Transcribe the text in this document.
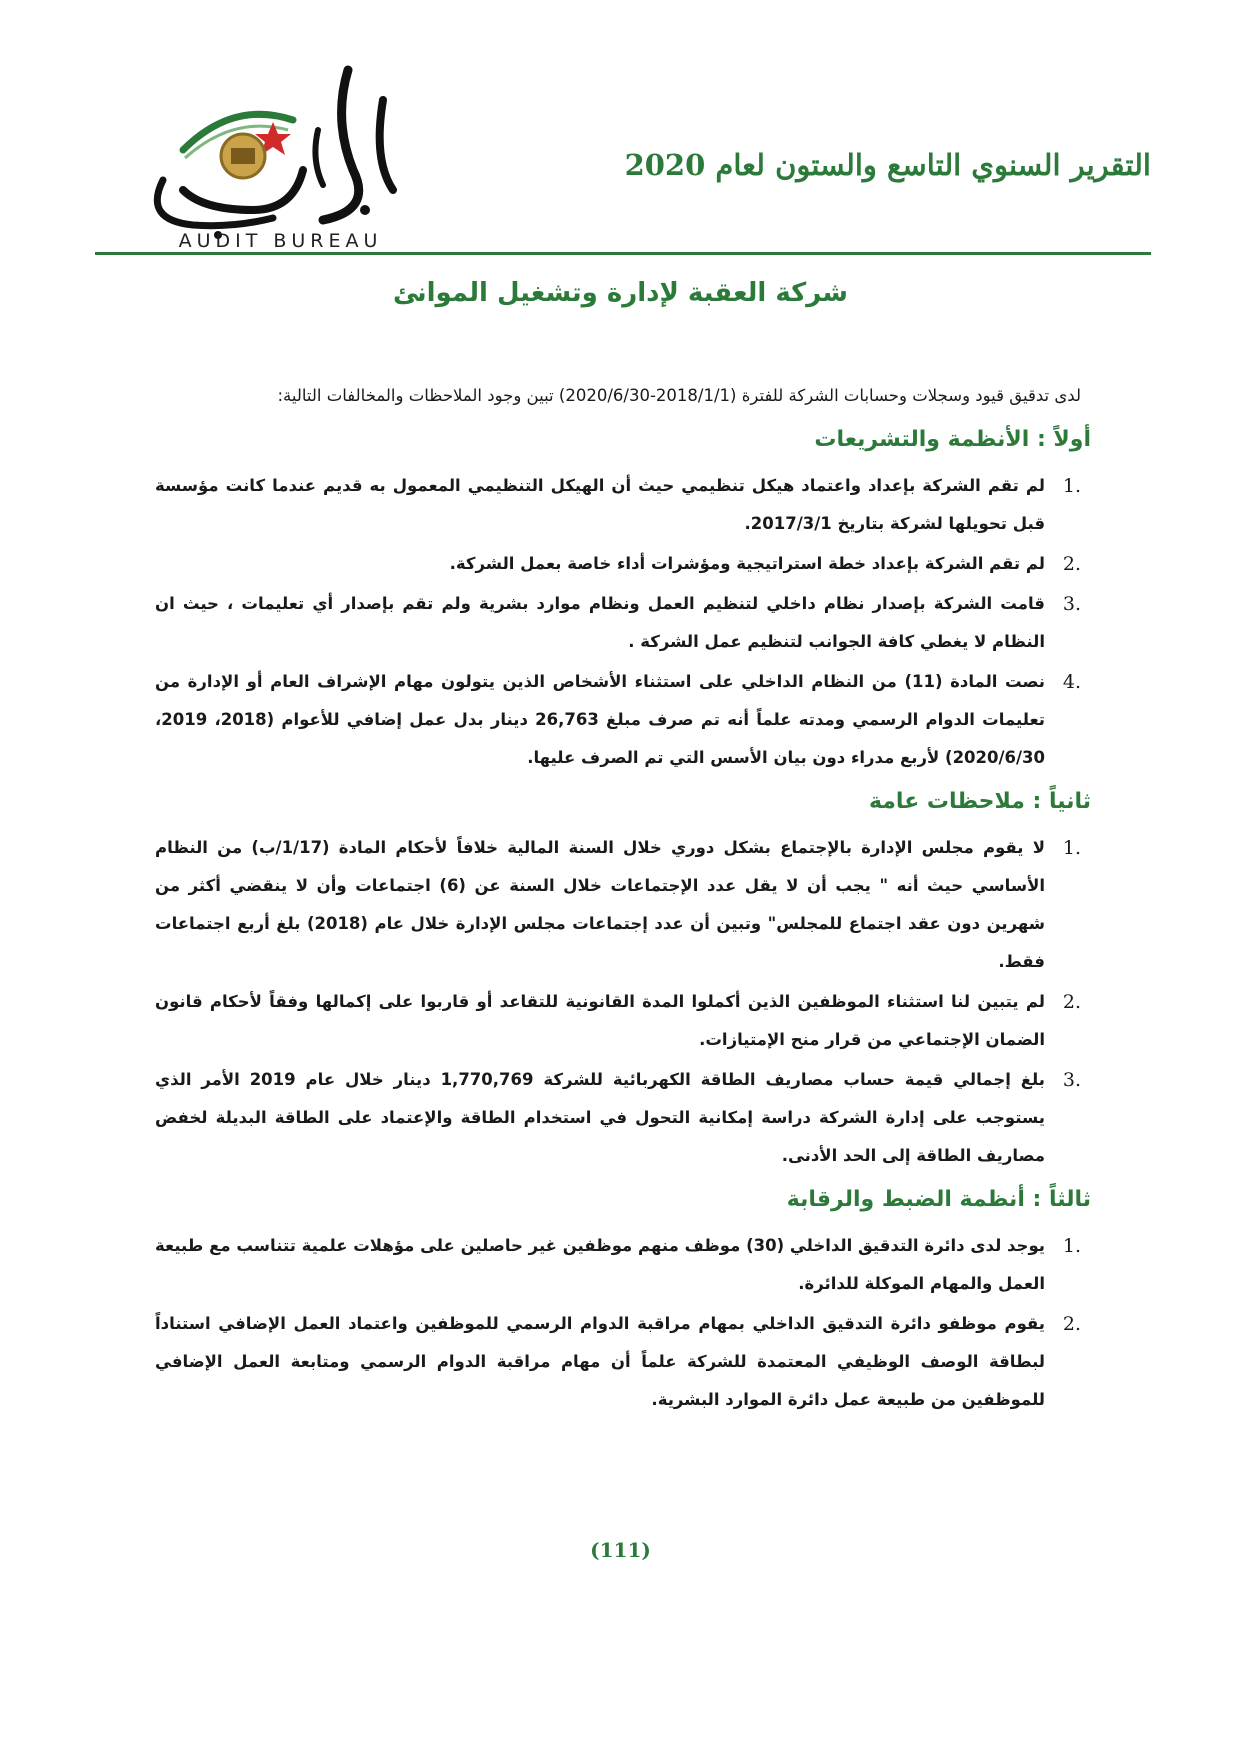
التقرير السنوي التاسع والستون لعام 2020
ديوان المحاسبة
AUDIT BUREAU
شركة العقبة لإدارة وتشغيل الموانئ

لدى تدقيق قيود وسجلات وحسابات الشركة للفترة (2018/1/1-2020/6/30) تبين وجود الملاحظات والمخالفات التالية:

أولاً : الأنظمة والتشريعات
1.
لم تقم الشركة بإعداد واعتماد هيكل تنظيمي حيث أن الهيكل التنظيمي المعمول به قديم عندما كانت مؤسسة قبل تحويلها لشركة بتاريخ 2017/3/1.
2.
لم تقم الشركة بإعداد خطة استراتيجية ومؤشرات أداء خاصة بعمل الشركة.
3.
قامت الشركة بإصدار نظام داخلي لتنظيم العمل ونظام موارد بشرية ولم تقم بإصدار أي تعليمات ، حيث ان النظام لا يغطي كافة الجوانب لتنظيم عمل الشركة .
4.
نصت المادة (11) من النظام الداخلي على استثناء الأشخاص الذين يتولون مهام الإشراف العام أو الإدارة من تعليمات الدوام الرسمي ومدته علماً أنه تم صرف مبلغ 26,763 دينار بدل عمل إضافي للأعوام (2018، 2019، 2020/6/30) لأربع مدراء دون بيان الأسس التي تم الصرف عليها.
ثانياً : ملاحظات عامة
1.
لا يقوم مجلس الإدارة بالإجتماع بشكل دوري خلال السنة المالية خلافاً لأحكام المادة (1/17/ب) من النظام الأساسي حيث أنه " يجب أن لا يقل عدد الإجتماعات خلال السنة عن (6) اجتماعات وأن لا ينقضي أكثر من شهرين دون عقد اجتماع للمجلس" وتبين أن عدد إجتماعات مجلس الإدارة خلال عام (2018) بلغ أربع اجتماعات فقط.
2.
لم يتبين لنا استثناء الموظفين الذين أكملوا المدة القانونية للتقاعد أو قاربوا على إكمالها وفقاً لأحكام قانون الضمان الإجتماعي من قرار منح الإمتيازات.
3.
بلغ إجمالي قيمة حساب مصاريف الطاقة الكهربائية للشركة 1,770,769 دينار خلال عام 2019 الأمر الذي يستوجب على إدارة الشركة دراسة إمكانية التحول في استخدام الطاقة والإعتماد على الطاقة البديلة لخفض مصاريف الطاقة إلى الحد الأدنى.
ثالثاً : أنظمة الضبط والرقابة
1.
يوجد لدى دائرة التدقيق الداخلي (30) موظف منهم موظفين غير حاصلين على مؤهلات علمية تتناسب مع طبيعة العمل والمهام الموكلة للدائرة.
2.
يقوم موظفو دائرة التدقيق الداخلي بمهام مراقبة الدوام الرسمي للموظفين واعتماد العمل الإضافي استناداً لبطاقة الوصف الوظيفي المعتمدة للشركة علماً أن مهام مراقبة الدوام الرسمي ومتابعة العمل الإضافي للموظفين من طبيعة عمل دائرة الموارد البشرية.
(111)
